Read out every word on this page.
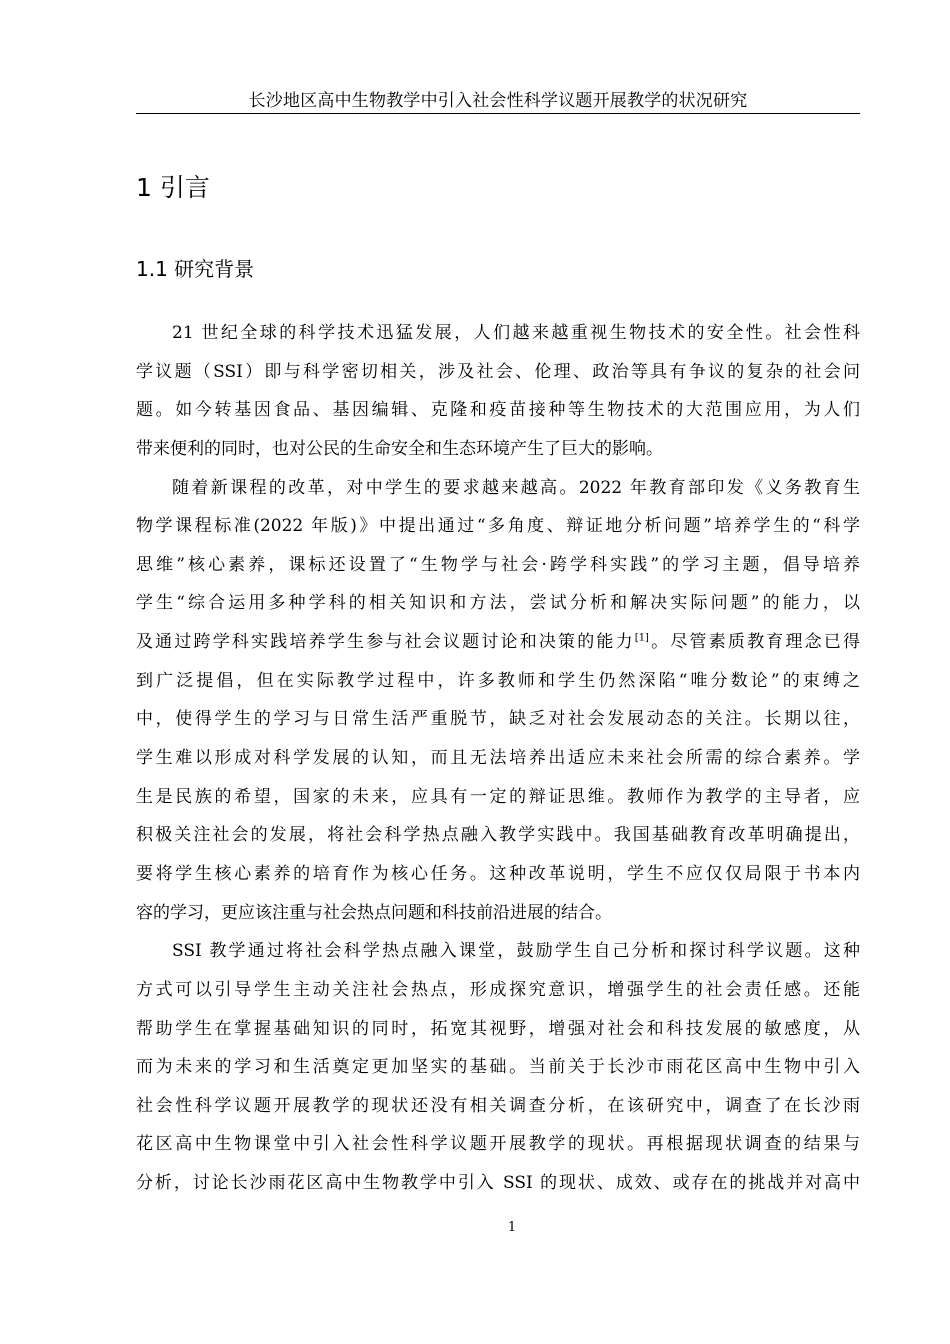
长沙地区高中生物教学中引入社会性科学议题开展教学的状况研究
1 引言
1.1 研究背景
21 世纪全球的科学技术迅猛发展，人们越来越重视生物技术的安全性。社会性科
学议题（SSI）即与科学密切相关，涉及社会、伦理、政治等具有争议的复杂的社会问
题。如今转基因食品、基因编辑、克隆和疫苗接种等生物技术的大范围应用，为人们
带来便利的同时，也对公民的生命安全和生态环境产生了巨大的影响。
随着新课程的改革，对中学生的要求越来越高。2022 年教育部印发《义务教育生
物学课程标准(2022 年版)》中提出通过“多角度、辩证地分析问题”培养学生的“科学
思维”核心素养，课标还设置了“生物学与社会·跨学科实践”的学习主题，倡导培养
学生“综合运用多种学科的相关知识和方法，尝试分析和解决实际问题”的能力，以
及通过跨学科实践培养学生参与社会议题讨论和决策的能力[1]。尽管素质教育理念已得
到广泛提倡，但在实际教学过程中，许多教师和学生仍然深陷“唯分数论”的束缚之
中，使得学生的学习与日常生活严重脱节，缺乏对社会发展动态的关注。长期以往，
学生难以形成对科学发展的认知，而且无法培养出适应未来社会所需的综合素养。学
生是民族的希望，国家的未来，应具有一定的辩证思维。教师作为教学的主导者，应
积极关注社会的发展，将社会科学热点融入教学实践中。我国基础教育改革明确提出，
要将学生核心素养的培育作为核心任务。这种改革说明，学生不应仅仅局限于书本内
容的学习，更应该注重与社会热点问题和科技前沿进展的结合。
SSI 教学通过将社会科学热点融入课堂，鼓励学生自己分析和探讨科学议题。这种
方式可以引导学生主动关注社会热点，形成探究意识，增强学生的社会责任感。还能
帮助学生在掌握基础知识的同时，拓宽其视野，增强对社会和科技发展的敏感度，从
而为未来的学习和生活奠定更加坚实的基础。当前关于长沙市雨花区高中生物中引入
社会性科学议题开展教学的现状还没有相关调查分析，在该研究中，调查了在长沙雨
花区高中生物课堂中引入社会性科学议题开展教学的现状。再根据现状调查的结果与
分析，讨论长沙雨花区高中生物教学中引入 SSI 的现状、成效、或存在的挑战并对高中
1
